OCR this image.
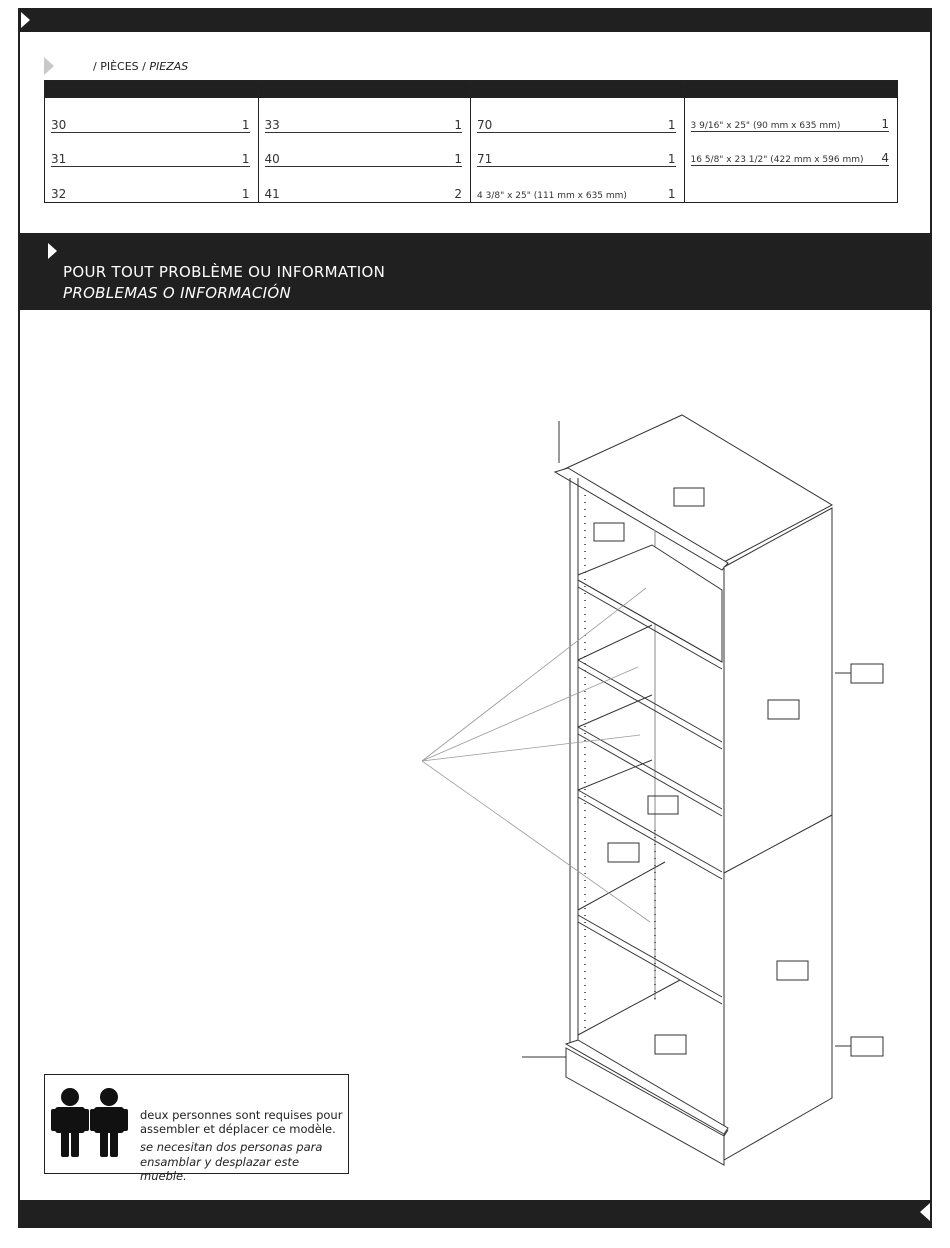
/ PIÈCES / PIEZAS
30	1
31	1
32	1
33	1
40	1
41	2
70	1
71	1
4 3/8" x 25" (111 mm x 635 mm)	1
3 9/16" x 25" (90 mm x 635 mm)	1
16 5/8" x 23 1/2" (422 mm x 596 mm) 4
POUR TOUT PROBLÈME OU INFORMATION
PROBLEMAS O INFORMACIÓN
deux personnes sont requises pour
assembler et déplacer ce modèle.
se necesitan dos personas para
ensamblar y desplazar este mueble.
